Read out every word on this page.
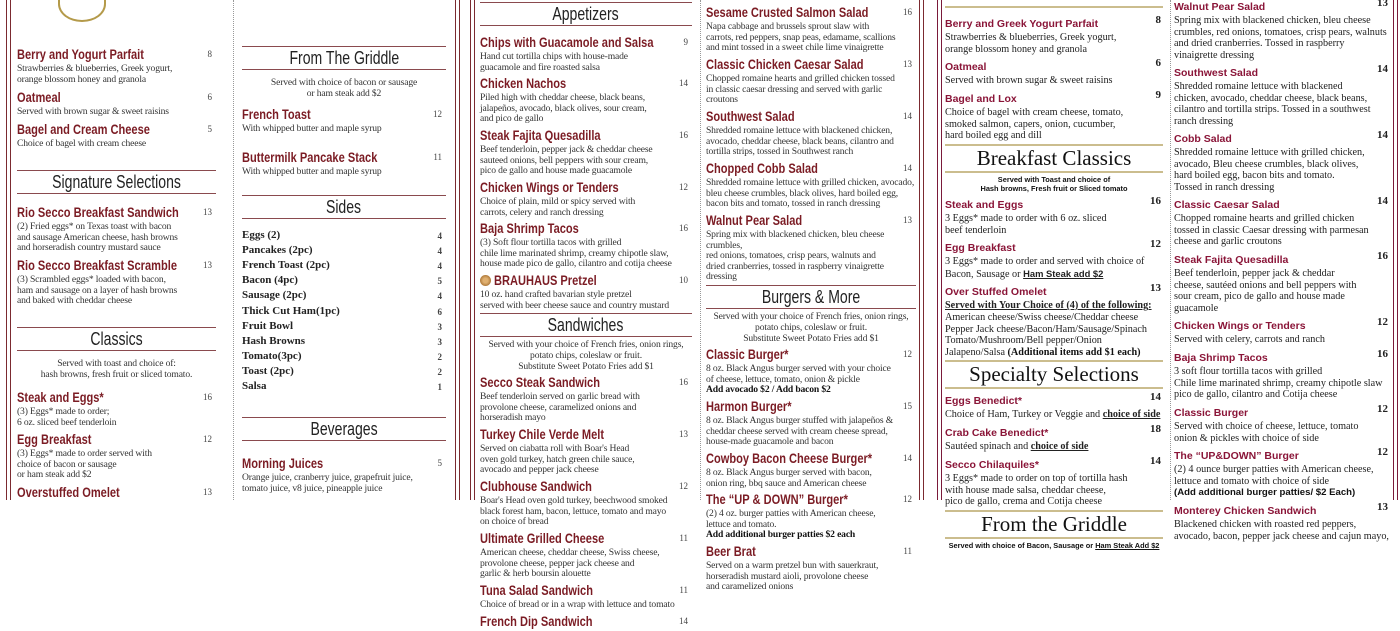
Berry and Yogurt Parfait	8
Strawberries & blueberries, Greek yogurt,
orange blossom honey and granola
Oatmeal	6
Served with brown sugar & sweet raisins
Bagel and Cream Cheese	5
Choice of bagel with cream cheese
Signature Selections
Rio Secco Breakfast Sandwich	13
(2) Fried eggs* on Texas toast with bacon
and sausage American cheese, hash browns
and horseradish country mustard sauce
Rio Secco Breakfast Scramble	13
(3) Scrambled eggs* loaded with bacon,
ham and sausage on a layer of hash browns
and baked with cheddar cheese
Classics
Served with toast and choice of:
hash browns, fresh fruit or sliced tomato.
Steak and Eggs*	16
(3) Eggs* made to order;
6 oz. sliced beef tenderloin
Egg Breakfast	12
(3) Eggs* made to order served with
choice of bacon or sausage
or ham steak add $2
Overstuffed Omelet	13
From The Griddle
Served with choice of bacon or sausage
or ham steak add $2
French Toast	12
With whipped butter and maple syrup
Buttermilk Pancake Stack	11
With whipped butter and maple syrup
Sides
Eggs (2)	4
Pancakes (2pc)	4
French Toast (2pc)	4
Bacon (4pc)	5
Sausage (2pc)	4
Thick Cut Ham(1pc)	6
Fruit Bowl	3
Hash Browns	3
Tomato(3pc)	2
Toast (2pc)	2
Salsa	1
Beverages
Morning Juices	5
Orange juice, cranberry juice, grapefruit juice,
tomato juice, v8 juice, pineapple juice
Appetizers
Chips with Guacamole and Salsa	9
Hand cut tortilla chips with house-made
guacamole and fire roasted salsa
Chicken Nachos	14
Piled high with cheddar cheese, black beans,
jalapeños, avocado, black olives, sour cream,
and pico de gallo
Steak Fajita Quesadilla	16
Beef tenderloin, pepper jack & cheddar cheese
sauteed onions, bell peppers with sour cream,
pico de gallo and house made guacamole
Chicken Wings or Tenders	12
Choice of plain, mild or spicy served with
carrots, celery and ranch dressing
Baja Shrimp Tacos	16
(3) Soft flour tortilla tacos with grilled
chile lime marinated shrimp, creamy chipotle slaw,
house made pico de gallo, cilantro and cotija cheese
BRAUHAUS Pretzel	10
10 oz. hand crafted bavarian style pretzel
served with beer cheese sauce and country mustard
Sandwiches
Served with your choice of French fries, onion rings,
potato chips, coleslaw or fruit.
Substitute Sweet Potato Fries add $1
Secco Steak Sandwich	16
Beef tenderloin served on garlic bread with
provolone cheese, caramelized onions and
horseradish mayo
Turkey Chile Verde Melt	13
Served on ciabatta roll with Boar's Head
oven gold turkey, hatch green chile sauce,
avocado and pepper jack cheese
Clubhouse Sandwich	12
Boar's Head oven gold turkey, beechwood smoked
black forest ham, bacon, lettuce, tomato and mayo
on choice of bread
Ultimate Grilled Cheese	11
American cheese, cheddar cheese, Swiss cheese,
provolone cheese, pepper jack cheese and
garlic & herb boursin alouette
Tuna Salad Sandwich	11
Choice of bread or in a wrap with lettuce and tomato
French Dip Sandwich	14
Sesame Crusted Salmon Salad	16
Napa cabbage and brussels sprout slaw with
carrots, red peppers, snap peas, edamame, scallions
and mint tossed in a sweet chile lime vinaigrette
Classic Chicken Caesar Salad	13
Chopped romaine hearts and grilled chicken tossed
in classic caesar dressing and served with garlic croutons
Southwest Salad	14
Shredded romaine lettuce with blackened chicken,
avocado, cheddar cheese, black beans, cilantro and
tortilla strips, tossed in Southwest ranch
Chopped Cobb Salad	14
Shredded romaine lettuce with grilled chicken, avocado,
bleu cheese crumbles, black olives, hard boiled egg,
bacon bits and tomato, tossed in ranch dressing
Walnut Pear Salad	13
Spring mix with blackened chicken, bleu cheese crumbles,
red onions, tomatoes, crisp pears, walnuts and
dried cranberries, tossed in raspberry vinaigrette dressing
Burgers & More
Served with your choice of French fries, onion rings,
potato chips, coleslaw or fruit.
Substitute Sweet Potato Fries add $1
Classic Burger*	12
8 oz. Black Angus burger served with your choice
of cheese, lettuce, tomato, onion & pickle
Add avocado $2 / Add bacon $2
Harmon Burger*	15
8 oz. Black Angus burger stuffed with jalapeños &
cheddar cheese served with cream cheese spread,
house-made guacamole and bacon
Cowboy Bacon Cheese Burger*	14
8 oz. Black Angus burger served with bacon,
onion ring, bbq sauce and American cheese
The “UP & DOWN” Burger*	12
(2) 4 oz. burger patties with American cheese,
lettuce and tomato.
Add additional burger patties $2 each
Beer Brat	11
Served on a warm pretzel bun with sauerkraut,
horseradish mustard aioli, provolone cheese
and caramelized onions
Berry and Greek Yogurt Parfait	8
Strawberries & blueberries, Greek yogurt,
orange blossom honey and granola
Oatmeal	6
Served with brown sugar & sweet raisins
Bagel and Lox	9
Choice of bagel with cream cheese, tomato,
smoked salmon, capers, onion, cucumber,
hard boiled egg and dill
Breakfast Classics
Served with Toast and choice of
Hash browns, Fresh fruit or Sliced tomato
Steak and Eggs	16
3 Eggs* made to order with 6 oz. sliced
beef tenderloin
Egg Breakfast	12
3 Eggs* made to order and served with choice of
Bacon, Sausage or Ham Steak add $2
Over Stuffed Omelet	13
Served with Your Choice of (4) of the following:
American cheese/Swiss cheese/Cheddar cheese
Pepper Jack cheese/Bacon/Ham/Sausage/Spinach
Tomato/Mushroom/Bell pepper/Onion
Jalapeno/Salsa (Additional items add $1 each)
Specialty Selections
Eggs Benedict*	14
Choice of Ham, Turkey or Veggie and choice of side
Crab Cake Benedict*	18
Sautéed spinach and choice of side
Secco Chilaquiles*	14
3 Eggs* made to order on top of tortilla hash
with house made salsa, cheddar cheese,
pico de gallo, crema and Cotija cheese
From the Griddle
Served with choice of Bacon, Sausage or Ham Steak Add $2
Walnut Pear Salad	13
Spring mix with blackened chicken, bleu cheese
crumbles, red onions, tomatoes, crisp pears, walnuts
and dried cranberries. Tossed in raspberry
vinaigrette dressing
Southwest Salad	14
Shredded romaine lettuce with blackened
chicken, avocado, cheddar cheese, black beans,
cilantro and tortilla strips. Tossed in a southwest
ranch dressing
Cobb Salad	14
Shredded romaine lettuce with grilled chicken,
avocado, Bleu cheese crumbles, black olives,
hard boiled egg, bacon bits and tomato.
Tossed in ranch dressing
Classic Caesar Salad	14
Chopped romaine hearts and grilled chicken
tossed in classic Caesar dressing with parmesan
cheese and garlic croutons
Steak Fajita Quesadilla	16
Beef tenderloin, pepper jack & cheddar
cheese, sautéed onions and bell peppers with
sour cream, pico de gallo and house made
guacamole
Chicken Wings or Tenders	12
Served with celery, carrots and ranch
Baja Shrimp Tacos	16
3 soft flour tortilla tacos with grilled
Chile lime marinated shrimp, creamy chipotle slaw
pico de gallo, cilantro and Cotija cheese
Classic Burger	12
Served with choice of cheese, lettuce, tomato
onion & pickles with choice of side
The “UP&DOWN” Burger	12
(2) 4 ounce burger patties with American cheese,
lettuce and tomato with choice of side
(Add additional burger patties/ $2 Each)
Monterey Chicken Sandwich	13
Blackened chicken with roasted red peppers,
avocado, bacon, pepper jack cheese and cajun mayo,
